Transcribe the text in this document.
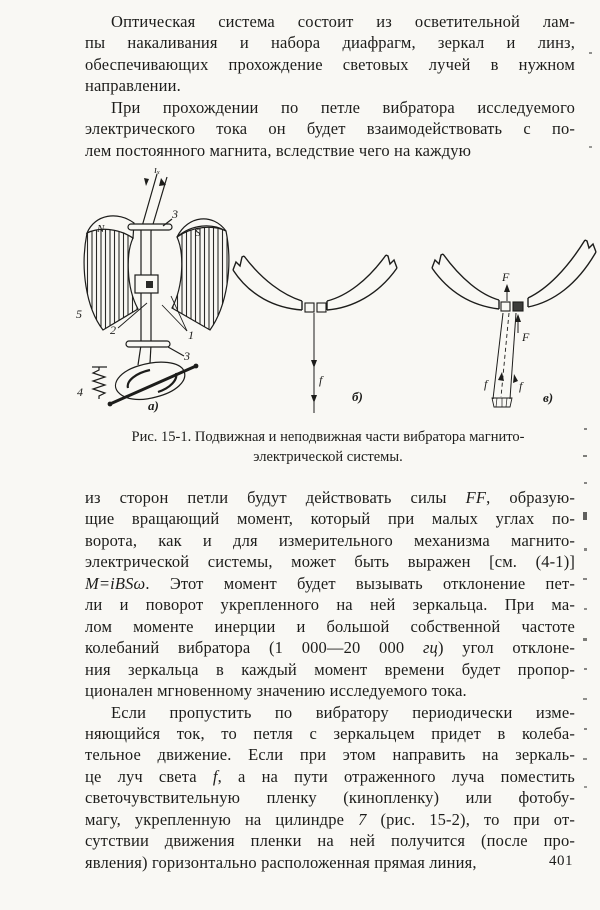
Оптическая система состоит из осветительной лам-
пы накаливания и набора диафрагм, зеркал и линз,
обеспечивающих прохождение световых лучей в нужном
направлении.
При прохождении по петле вибратора исследуемого
электрического тока он будет взаимодействовать с по-
лем постоянного магнита, вследствие чего на каждую
iₓ
N	S
3
5
2	1
3
4
а)
f
б)
F
F
f	f
в)
Рис. 15-1. Подвижная и неподвижная части вибратора магнито-
электрической системы.
из сторон петли будут действовать силы FF, образую-
щие вращающий момент, который при малых углах по-
ворота, как и для измерительного механизма магнито-
электрической системы, может быть выражен [см. (4-1)]
M=iBSω. Этот момент будет вызывать отклонение пет-
ли и поворот укрепленного на ней зеркальца. При ма-
лом моменте инерции и большой собственной частоте
колебаний вибратора (1 000—20 000 гц) угол отклоне-
ния зеркальца в каждый момент времени будет пропор-
ционален мгновенному значению исследуемого тока.
Если пропустить по вибратору периодически изме-
няющийся ток, то петля с зеркальцем придет в колеба-
тельное движение. Если при этом направить на зеркаль-
це луч света f, а на пути отраженного луча поместить
светочувствительную пленку (кинопленку) или фотобу-
магу, укрепленную на цилиндре 7 (рис. 15-2), то при от-
сутствии движения пленки на ней получится (после про-
явления) горизонтально расположенная прямая линия,	401
